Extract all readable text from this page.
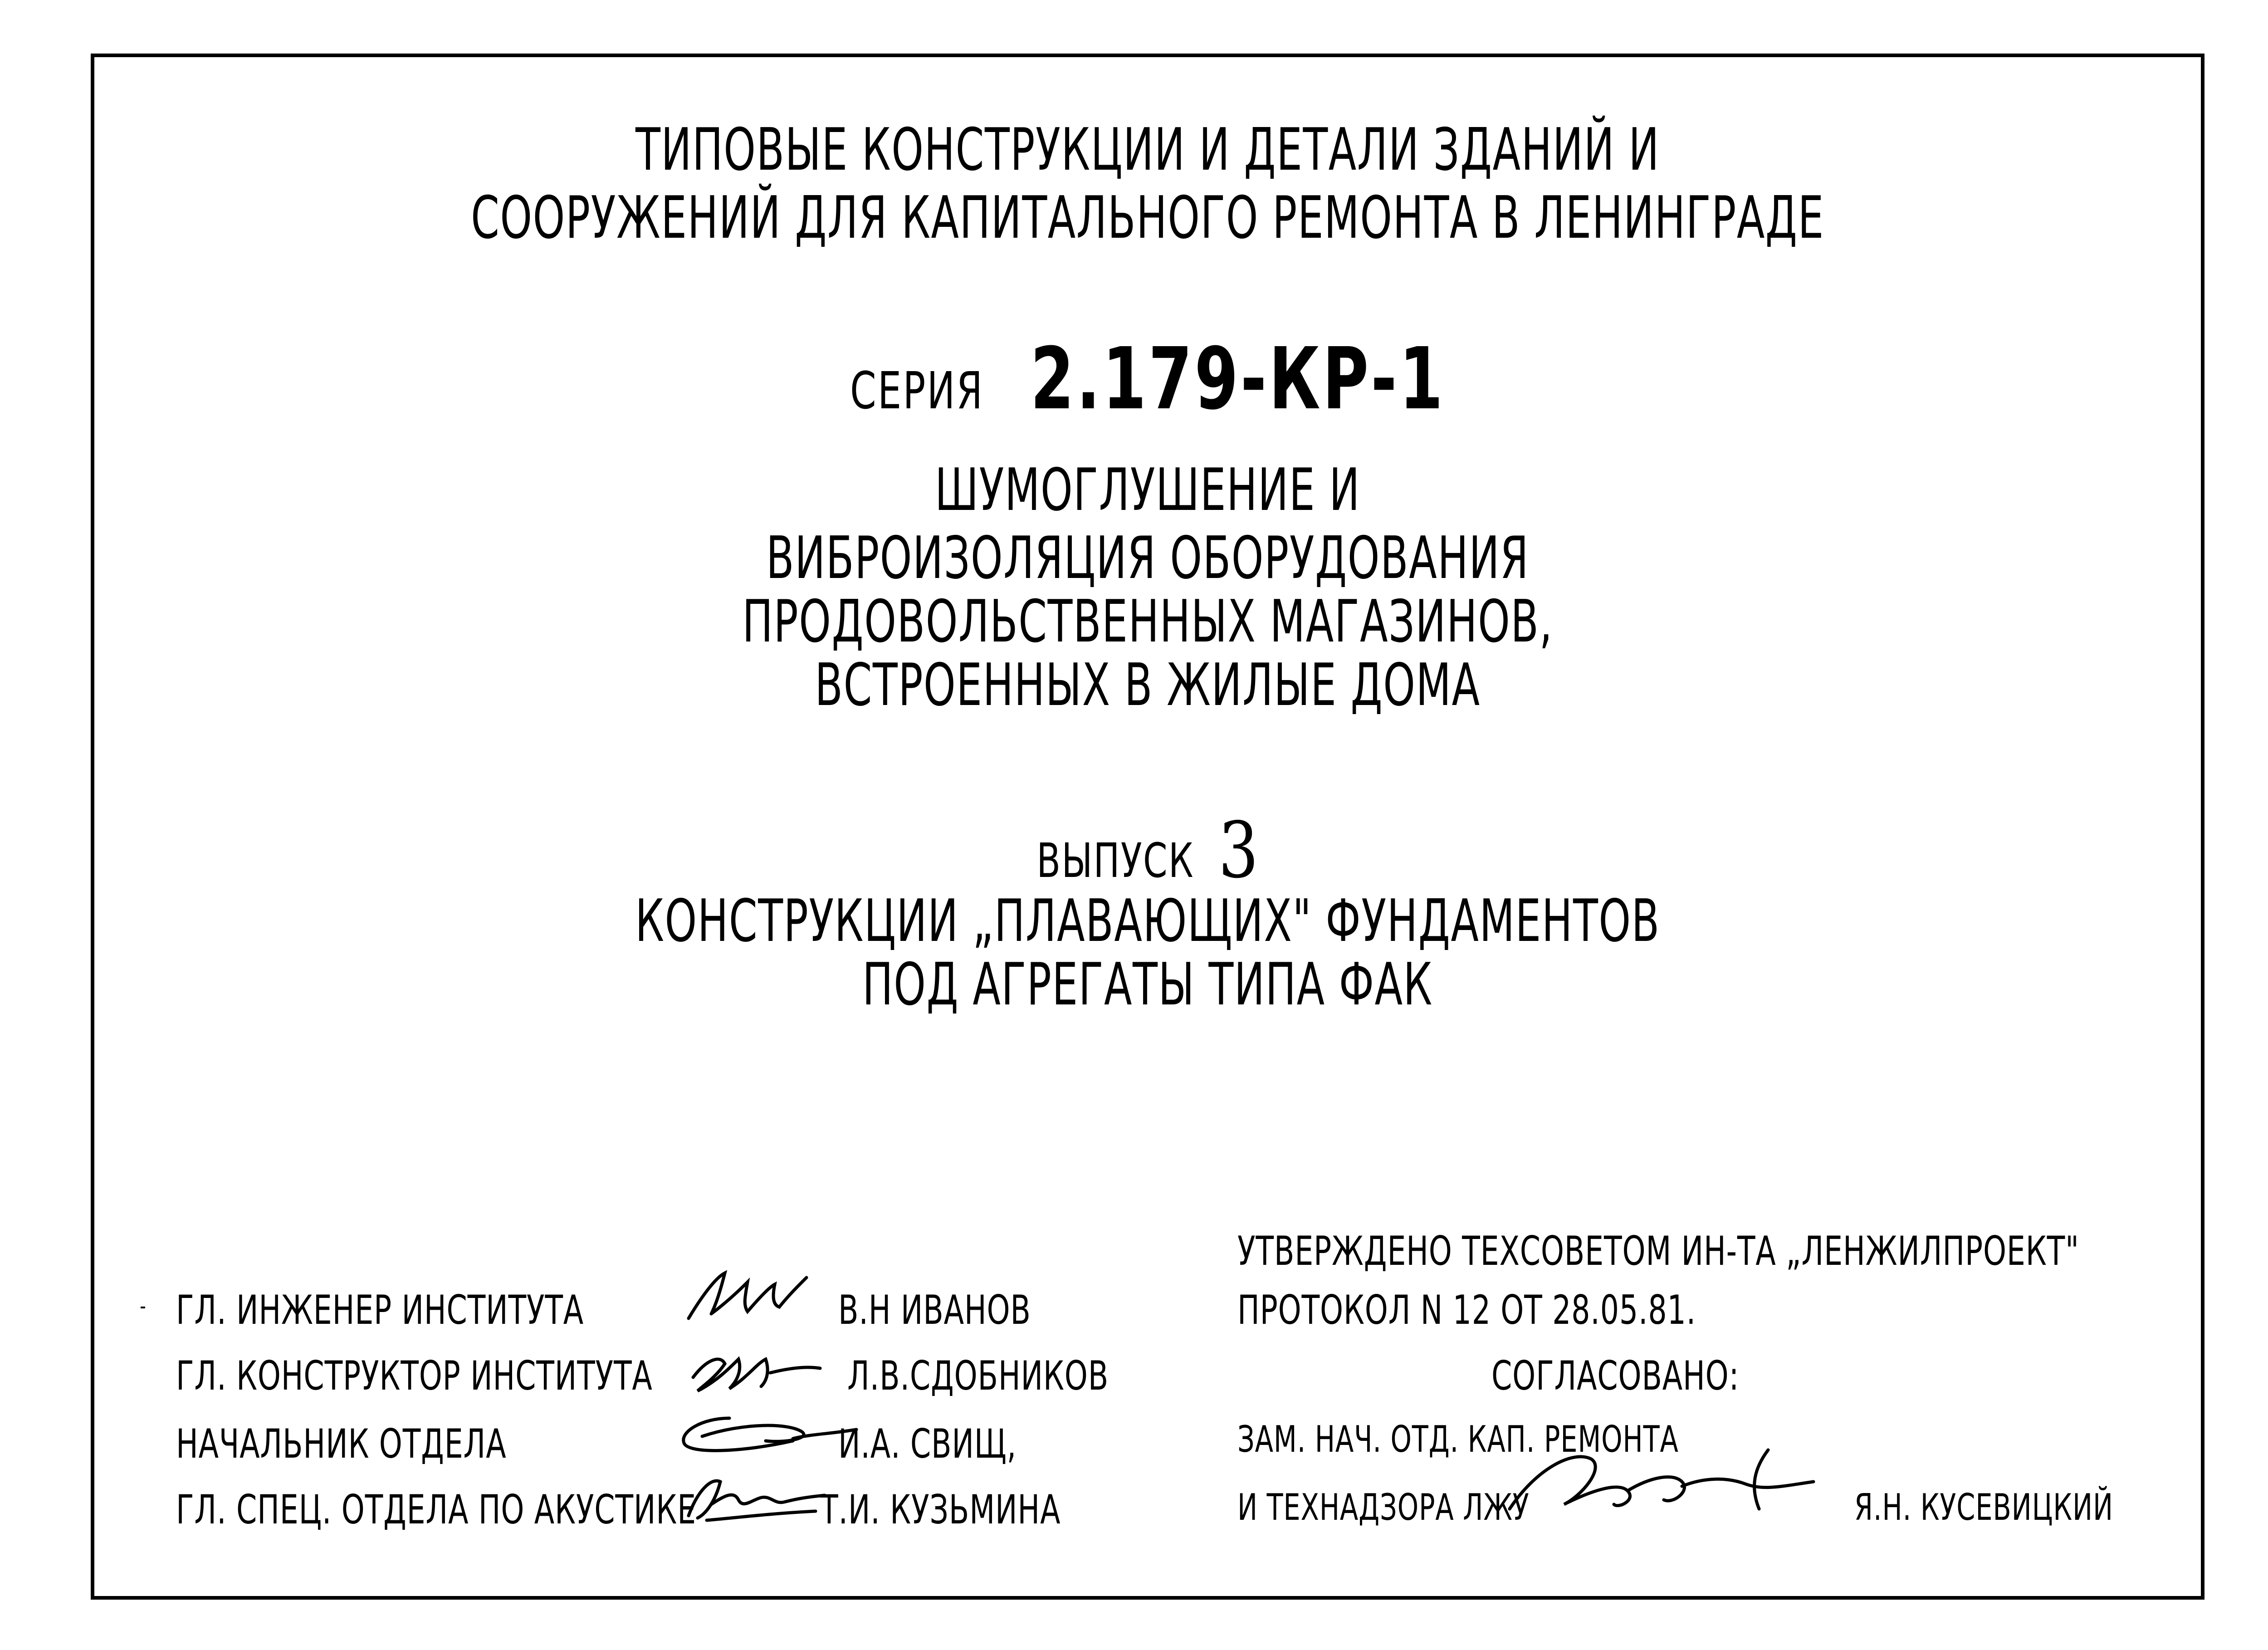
ТИПОВЫЕ КОНСТРУКЦИИ И ДЕТАЛИ ЗДАНИЙ И
СООРУЖЕНИЙ ДЛЯ КАПИТАЛЬНОГО РЕМОНТА В ЛЕНИНГРАДЕ
СЕРИЯ 2.179-КР-1
ШУМОГЛУШЕНИЕ И
ВИБРОИЗОЛЯЦИЯ ОБОРУДОВАНИЯ
ПРОДОВОЛЬСТВЕННЫХ МАГАЗИНОВ,
ВСТРОЕННЫХ В ЖИЛЫЕ ДОМА
ВЫПУСК 3
КОНСТРУКЦИИ „ПЛАВАЮЩИХ" ФУНДАМЕНТОВ
ПОД АГРЕГАТЫ ТИПА ФАК
ГЛ. ИНЖЕНЕР ИНСТИТУТА	В.Н ИВАНОВ
ГЛ. КОНСТРУКТОР ИНСТИТУТА	Л.В.СДОБНИКОВ
НАЧАЛЬНИК ОТДЕЛА	И.А. СВИЩ,
ГЛ. СПЕЦ. ОТДЕЛА ПО АКУСТИКЕ	Т.И. КУЗЬМИНА
УТВЕРЖДЕНО ТЕХСОВЕТОМ ИН-ТА „ЛЕНЖИЛПРОЕКТ"
ПРОТОКОЛ N 12 ОТ 28.05.81.
СОГЛАСОВАНО:
ЗАМ. НАЧ. ОТД. КАП. РЕМОНТА
И ТЕХНАДЗОРА ЛЖУ	Я.Н. КУСЕВИЦКИЙ
